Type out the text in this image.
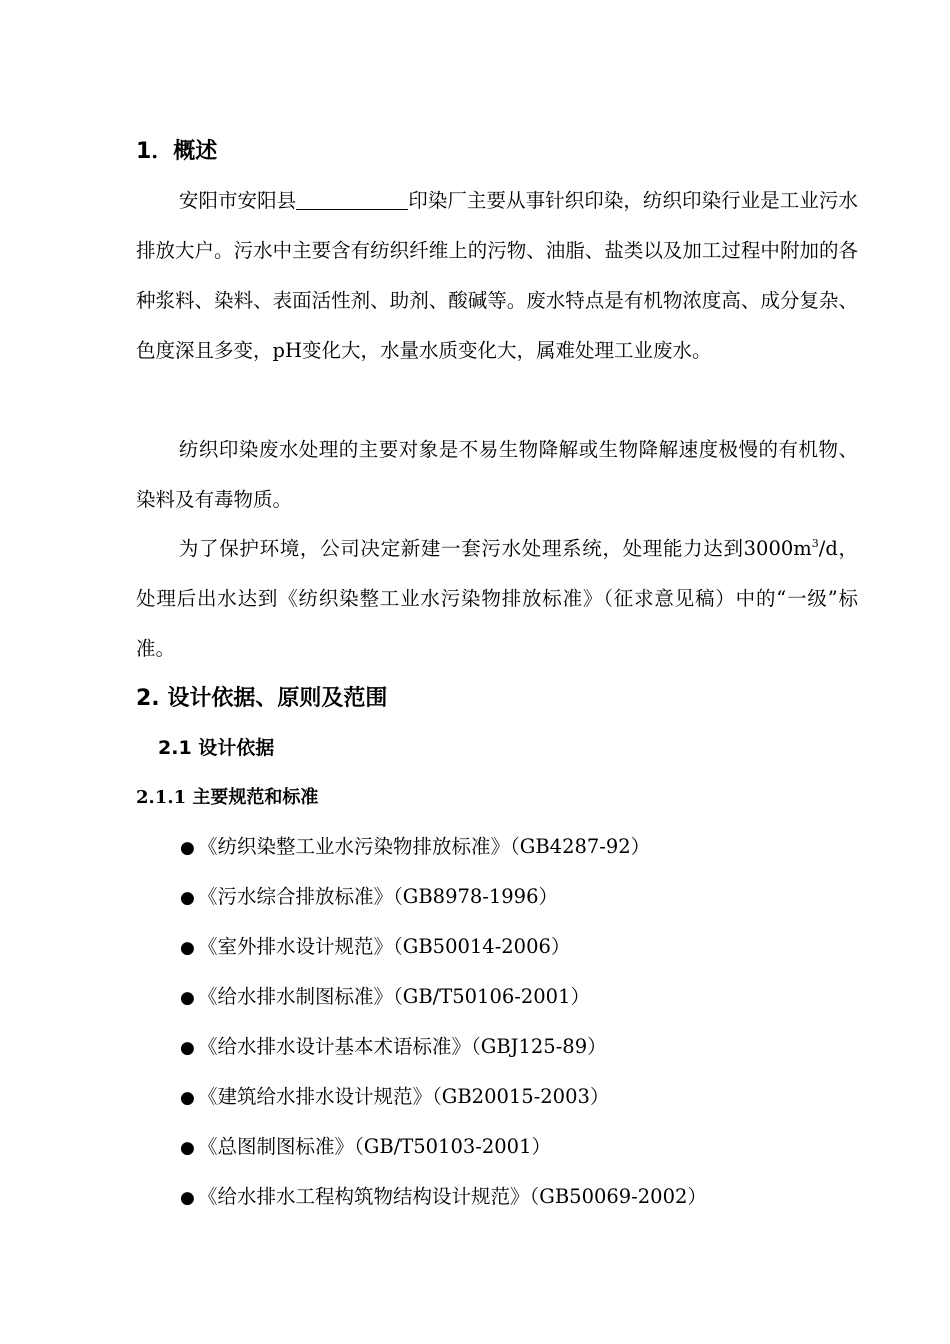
1．概述
安阳市安阳县	印染厂主要从事针织印染，纺织印染行业是工业污水排放大户。污水中主要含有纺织纤维上的污物、油脂、盐类以及加工过程中附加的各种浆料、染料、表面活性剂、助剂、酸碱等。废水特点是有机物浓度高、成分复杂、色度深且多变，pH变化大，水量水质变化大，属难处理工业废水。
纺织印染废水处理的主要对象是不易生物降解或生物降解速度极慢的有机物、染料及有毒物质。
为了保护环境，公司决定新建一套污水处理系统，处理能力达到$3000m^3/d$，处理后出水达到《纺织染整工业水污染物排放标准》（征求意见稿）中的“一级”标准。
2. 设计依据、原则及范围
2.1 设计依据
2.1.1 主要规范和标准
● 《纺织染整工业水污染物排放标准》（GB4287-92）
● 《污水综合排放标准》（GB8978-1996）
● 《室外排水设计规范》（GB50014-2006）
● 《给水排水制图标准》（GB/T50106-2001）
● 《给水排水设计基本术语标准》（GBJ125-89）
● 《建筑给水排水设计规范》（GB20015-2003）
● 《总图制图标准》（GB/T50103-2001）
● 《给水排水工程构筑物结构设计规范》（GB50069-2002）
